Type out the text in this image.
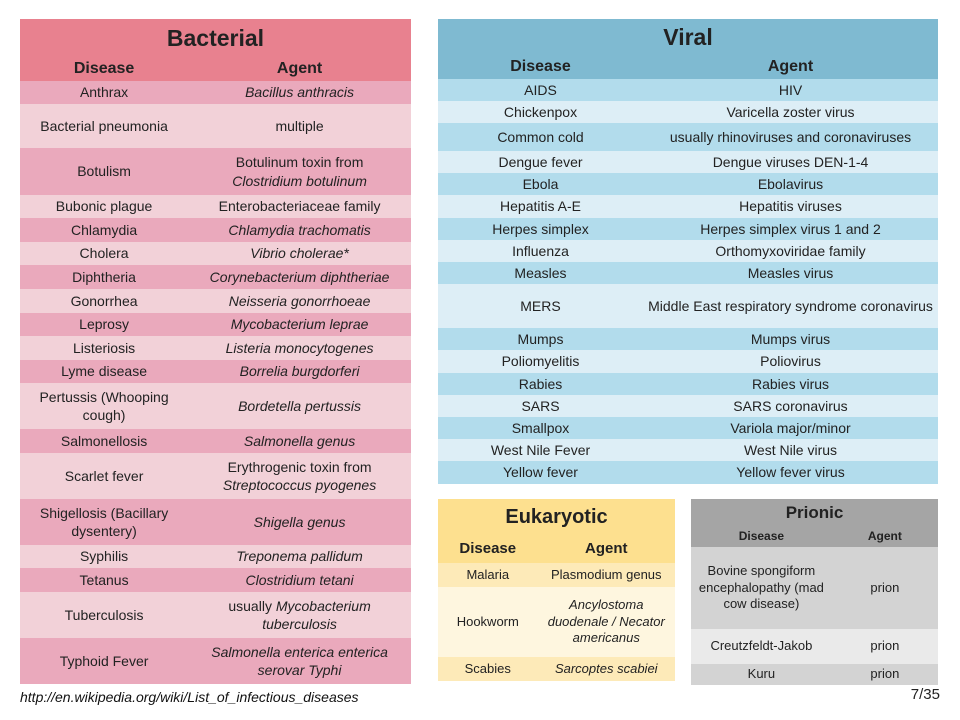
Bacterial
Disease	Agent
Anthrax	Bacillus anthracis
Bacterial pneumonia	multiple
Botulism	Botulinum toxin from
Clostridium botulinum
Bubonic plague	Enterobacteriaceae family
Chlamydia	Chlamydia trachomatis
Cholera	Vibrio cholerae*
Diphtheria	Corynebacterium diphtheriae
Gonorrhea	Neisseria gonorrhoeae
Leprosy	Mycobacterium leprae
Listeriosis	Listeria monocytogenes
Lyme disease	Borrelia burgdorferi
Pertussis (Whooping cough)	Bordetella pertussis
Salmonellosis	Salmonella genus
Scarlet fever	Erythrogenic toxin from
Streptococcus pyogenes
Shigellosis (Bacillary dysentery)	Shigella genus
Syphilis	Treponema pallidum
Tetanus	Clostridium tetani
Tuberculosis	usually Mycobacterium tuberculosis
Typhoid Fever	Salmonella enterica enterica serovar Typhi
Viral
Disease	Agent
AIDS	HIV
Chickenpox	Varicella zoster virus
Common cold	usually rhinoviruses and coronaviruses
Dengue fever	Dengue viruses DEN-1-4
Ebola	Ebolavirus
Hepatitis A-E	Hepatitis viruses
Herpes simplex	Herpes simplex virus 1 and 2
Influenza	Orthomyxoviridae family
Measles	Measles virus
MERS	Middle East respiratory syndrome coronavirus
Mumps	Mumps virus
Poliomyelitis	Poliovirus
Rabies	Rabies virus
SARS	SARS coronavirus
Smallpox	Variola major/minor
West Nile Fever	West Nile virus
Yellow fever	Yellow fever virus
Eukaryotic
Disease	Agent
Malaria	Plasmodium genus
Hookworm	Ancylostoma duodenale / Necator americanus
Scabies	Sarcoptes scabiei
Prionic
Disease	Agent
Bovine spongiform encephalopathy (mad cow disease)	prion
Creutzfeldt-Jakob	prion
Kuru	prion
http://en.wikipedia.org/wiki/List_of_infectious_diseases	7/35
